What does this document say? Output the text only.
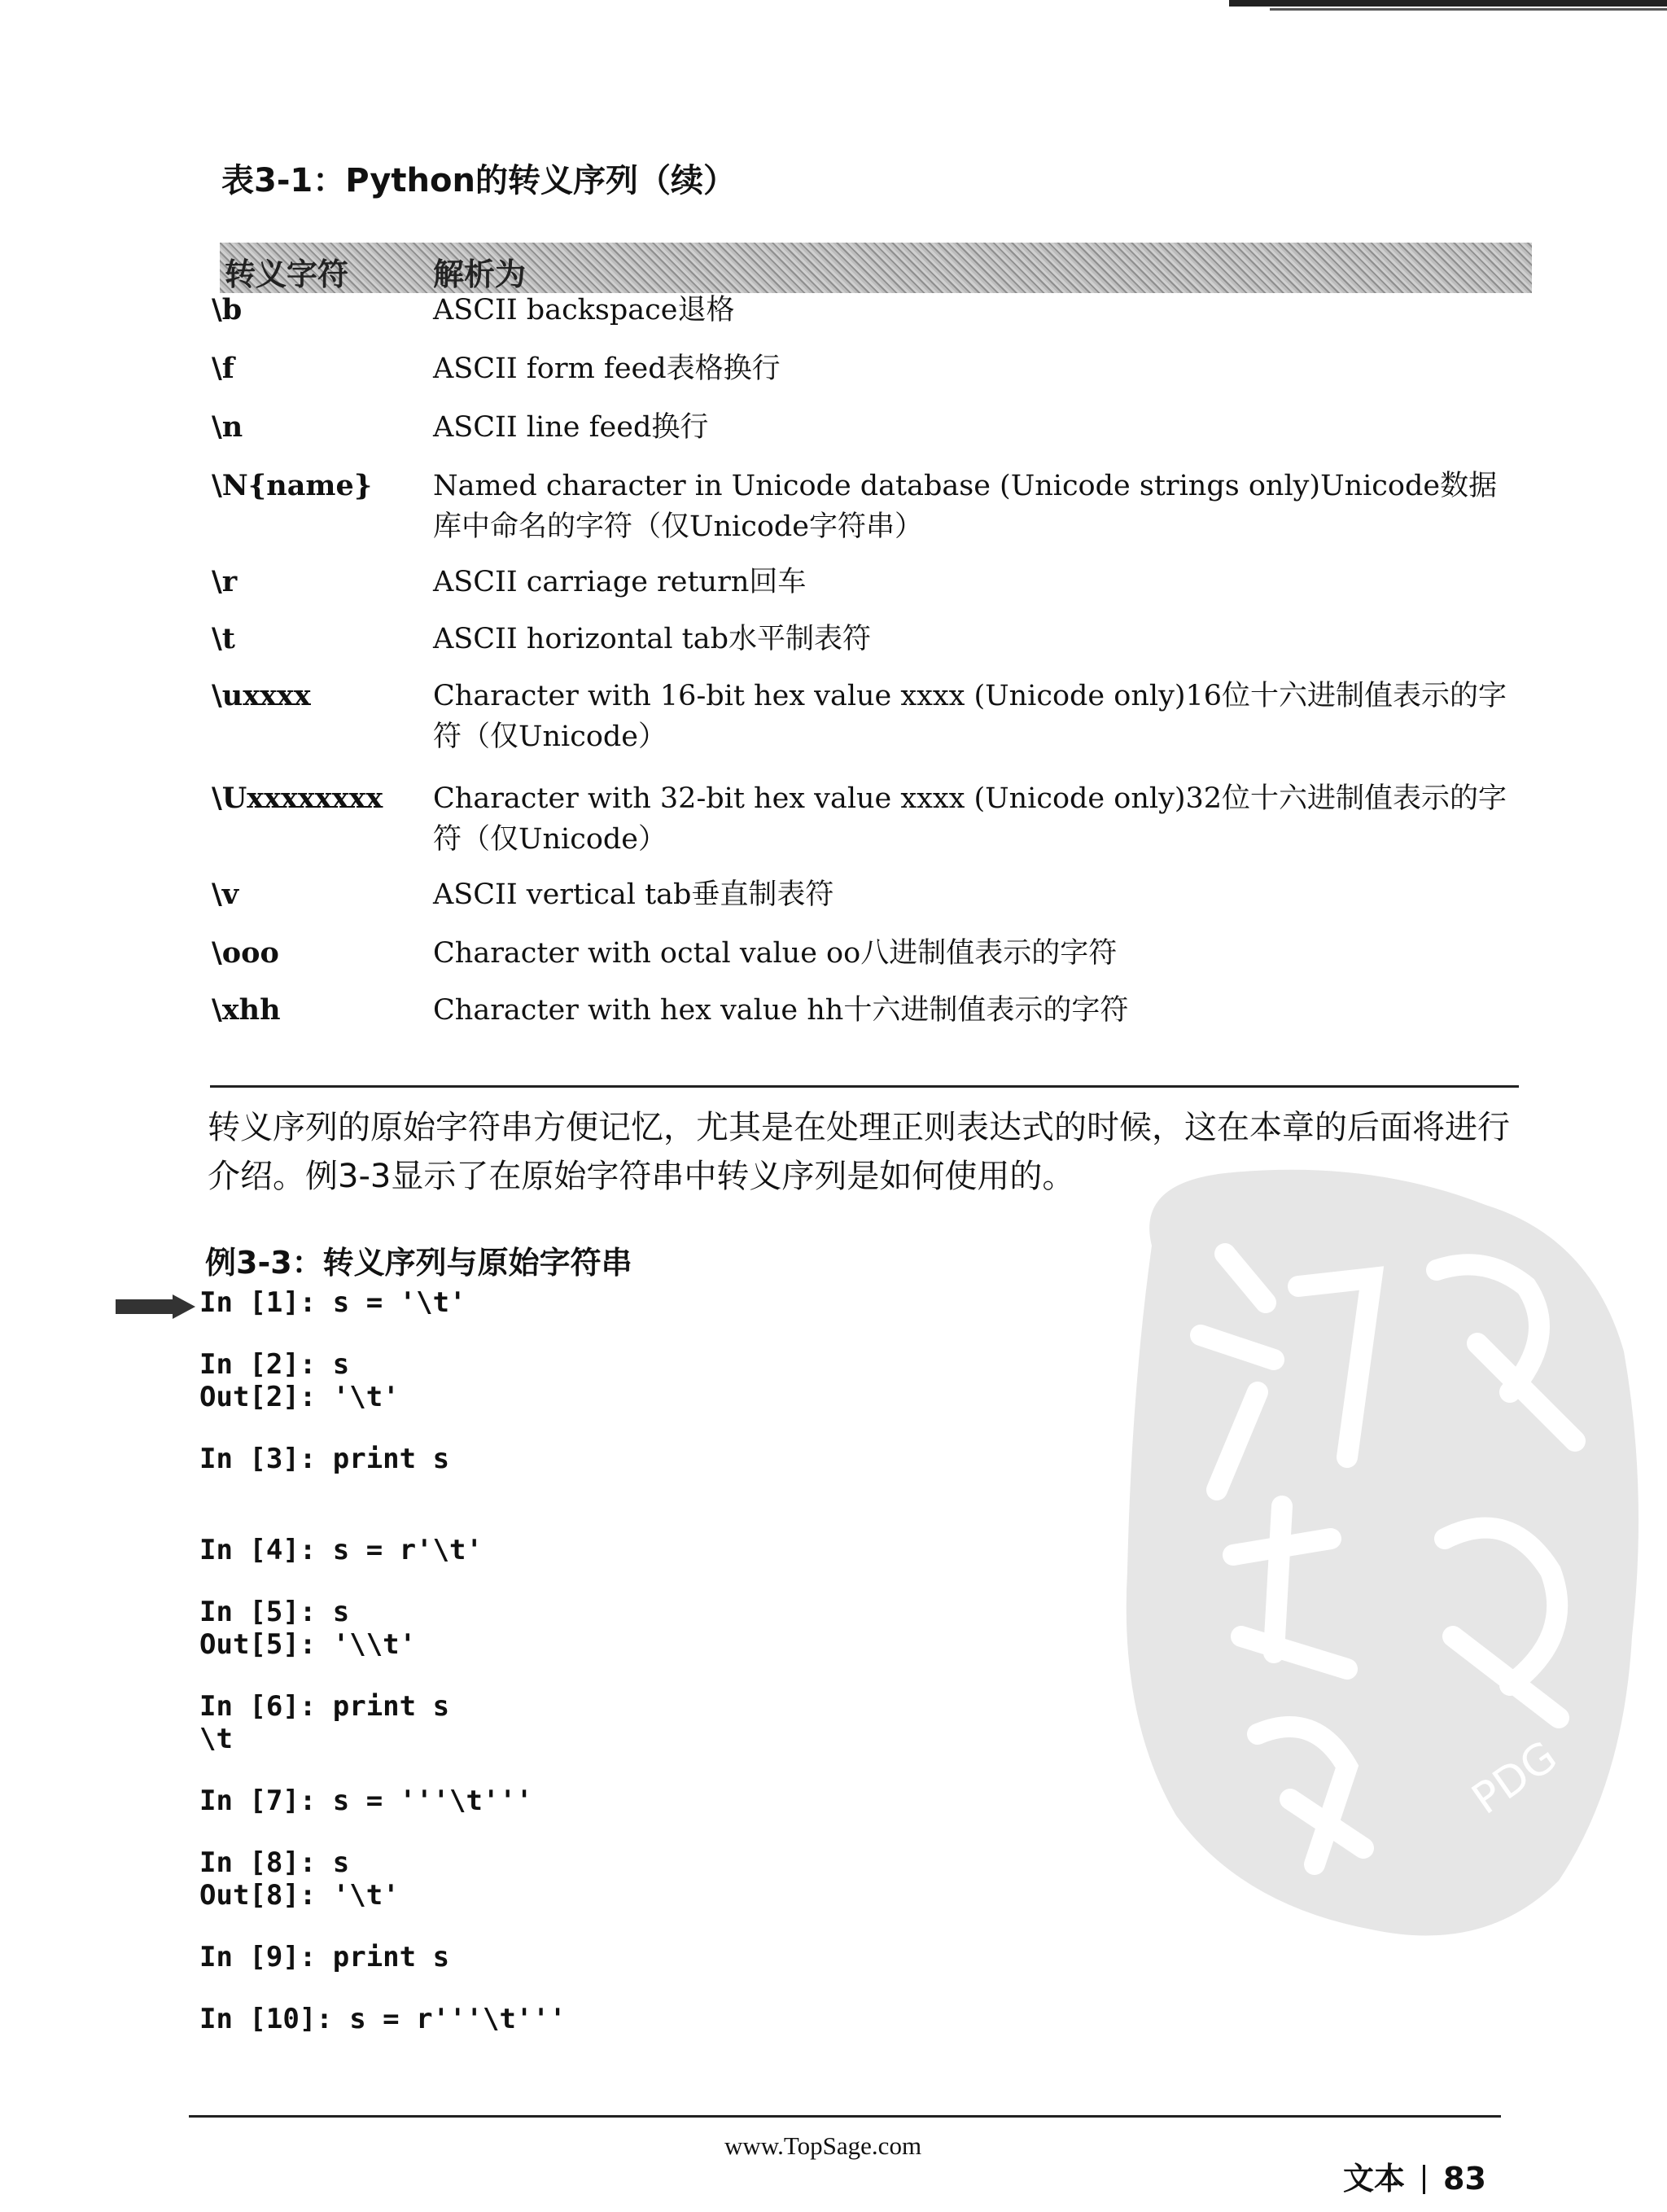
表3-1：Python的转义序列（续）
转义字符	解析为
\b	ASCII backspace退格
\f	ASCII form feed表格换行
\n	ASCII line feed换行
\N{name}	Named character in Unicode database (Unicode strings only)Unicode数据库中命名的字符（仅Unicode字符串）
\r	ASCII carriage return回车
\t	ASCII horizontal tab水平制表符
\uxxxx	Character with 16-bit hex value xxxx (Unicode only)16位十六进制值表示的字符（仅Unicode）
\Uxxxxxxxx	Character with 32-bit hex value xxxx (Unicode only)32位十六进制值表示的字符（仅Unicode）
\v	ASCII vertical tab垂直制表符
\ooo	Character with octal value oo八进制值表示的字符
\xhh	Character with hex value hh十六进制值表示的字符
转义序列的原始字符串方便记忆，尤其是在处理正则表达式的时候，这在本章的后面将进行介绍。例3-3显示了在原始字符串中转义序列是如何使用的。
例3-3：转义序列与原始字符串
In [1]: s = '\t'
In [2]: s
Out[2]: '\t'
In [3]: print s
In [4]: s = r'\t'
In [5]: s
Out[5]: '\\t'
In [6]: print s
\t
In [7]: s = '''\t'''
In [8]: s
Out[8]: '\t'
In [9]: print s
In [10]: s = r'''\t'''
PDG
www.TopSage.com
文本 83
